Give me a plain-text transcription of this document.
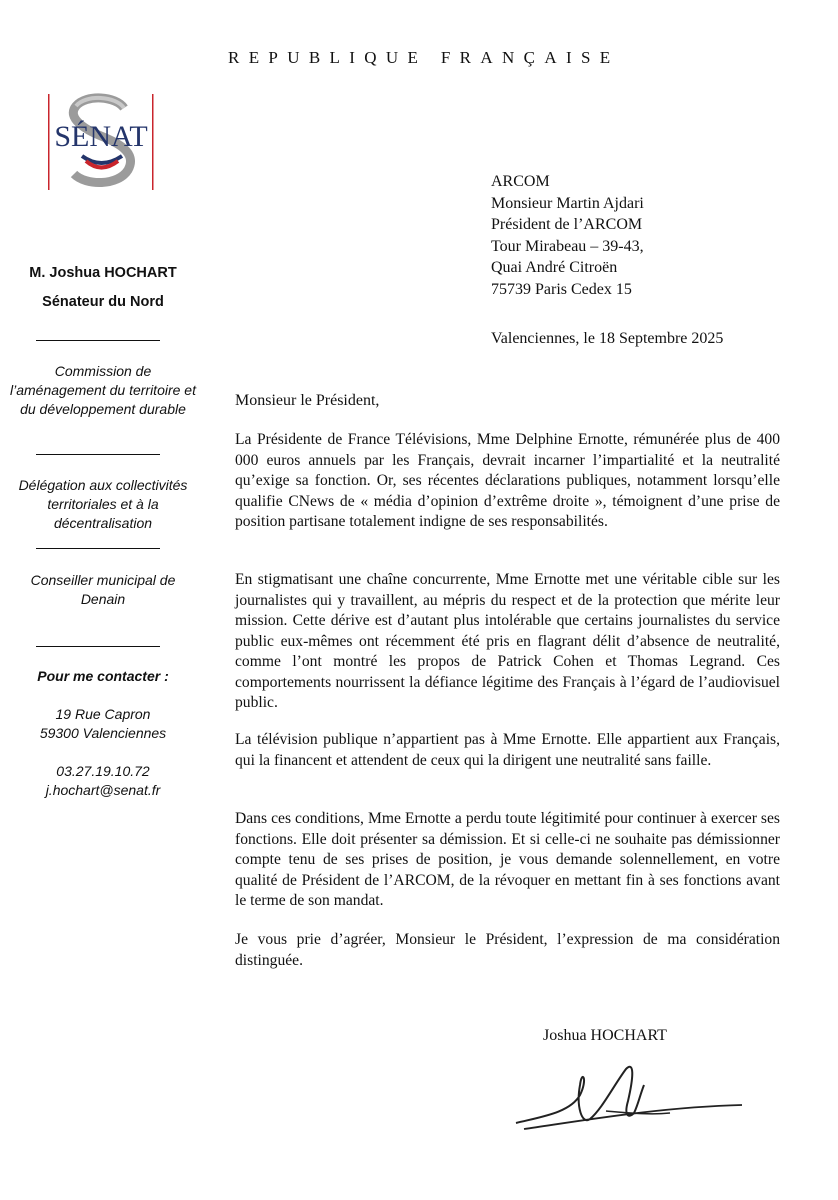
REPUBLIQUE FRANÇAISE
SÉNAT
M. Joshua HOCHART
Sénateur du Nord
Commission de l’aménagement du territoire et du développement durable
Délégation aux collectivités territoriales et à la décentralisation
Conseiller municipal de Denain
Pour me contacter :
19 Rue Capron
59300 Valenciennes
03.27.19.10.72
j.hochart@senat.fr
ARCOM
Monsieur Martin Ajdari
Président de l’ARCOM
Tour Mirabeau – 39-43,
Quai André Citroën
75739 Paris Cedex 15
Valenciennes, le 18 Septembre 2025
Monsieur le Président,
La Présidente de France Télévisions, Mme Delphine Ernotte, rémunérée plus de 400 000 euros annuels par les Français, devrait incarner l’impartialité et la neutralité qu’exige sa fonction. Or, ses récentes déclarations publiques, notamment lorsqu’elle qualifie CNews de « média d’opinion d’extrême droite », témoignent d’une prise de position partisane totalement indigne de ses responsabilités.
En stigmatisant une chaîne concurrente, Mme Ernotte met une véritable cible sur les journalistes qui y travaillent, au mépris du respect et de la protection que mérite leur mission. Cette dérive est d’autant plus intolérable que certains journalistes du service public eux-mêmes ont récemment été pris en flagrant délit d’absence de neutralité, comme l’ont montré les propos de Patrick Cohen et Thomas Legrand. Ces comportements nourrissent la défiance légitime des Français à l’égard de l’audiovisuel public.
La télévision publique n’appartient pas à Mme Ernotte. Elle appartient aux Français, qui la financent et attendent de ceux qui la dirigent une neutralité sans faille.
Dans ces conditions, Mme Ernotte a perdu toute légitimité pour continuer à exercer ses fonctions. Elle doit présenter sa démission. Et si celle-ci ne souhaite pas démissionner compte tenu de ses prises de position, je vous demande solennellement, en votre qualité de Président de l’ARCOM, de la révoquer en mettant fin à ses fonctions avant le terme de son mandat.
Je vous prie d’agréer, Monsieur le Président, l’expression de ma considération distinguée.
Joshua HOCHART
